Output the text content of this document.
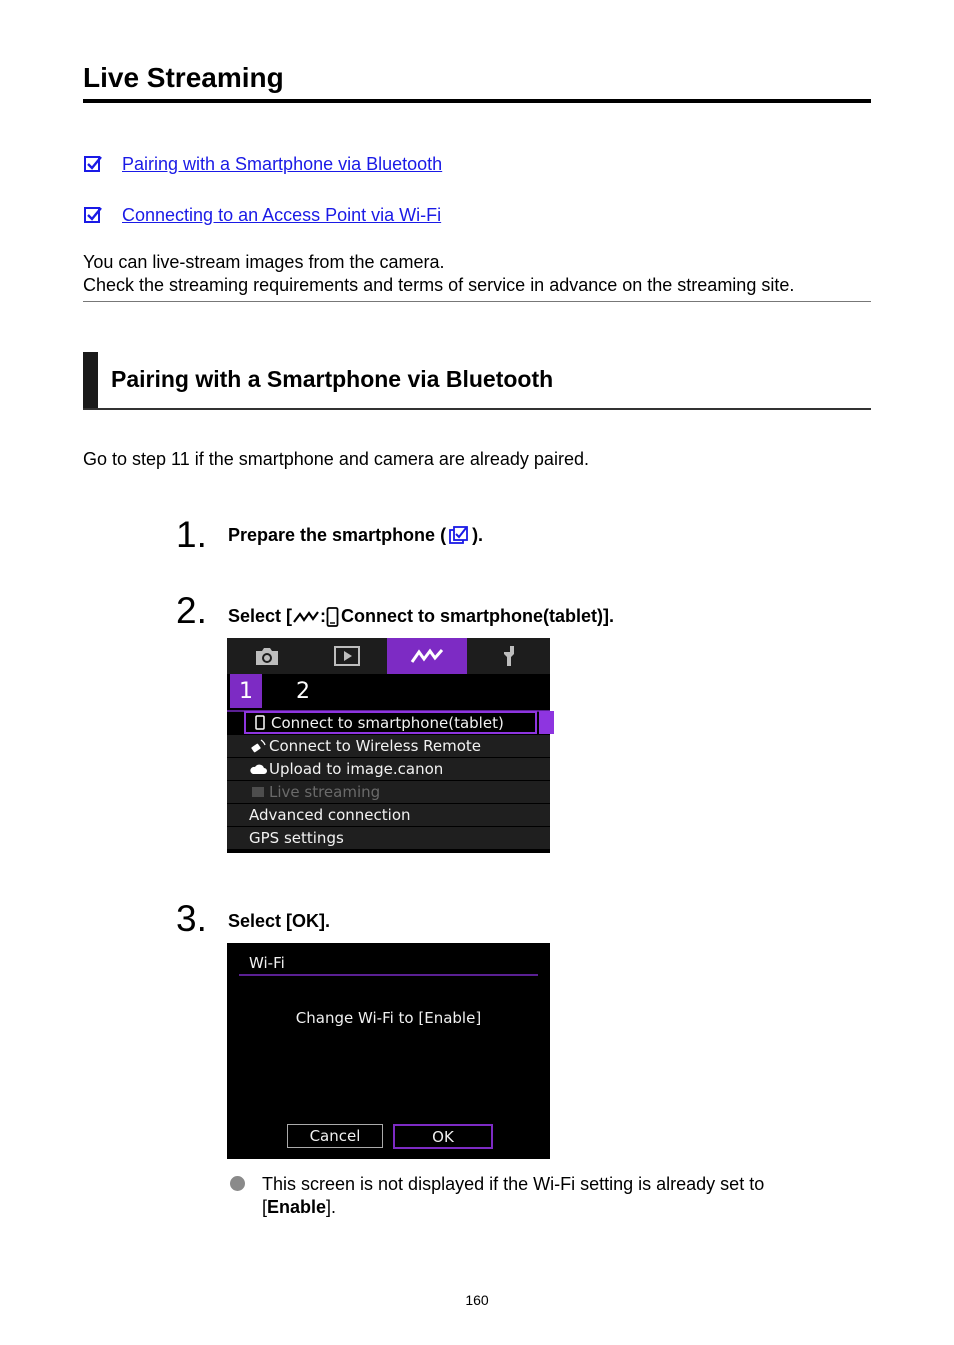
Live Streaming
Pairing with a Smartphone via Bluetooth
Connecting to an Access Point via Wi-Fi
You can live-stream images from the camera.
Check the streaming requirements and terms of service in advance on the streaming site.
Pairing with a Smartphone via Bluetooth
Go to step 11 if the smartphone and camera are already paired.
1. Prepare the smartphone ( ).
2. Select [ : Connect to smartphone(tablet)].
1	2
Connect to smartphone(tablet)
Connect to Wireless Remote
Upload to image.canon
Live streaming
Advanced connection
GPS settings
3. Select [OK].
Wi-Fi
Change Wi-Fi to [Enable]
Cancel	OK
This screen is not displayed if the Wi-Fi setting is already set to [Enable].
160
